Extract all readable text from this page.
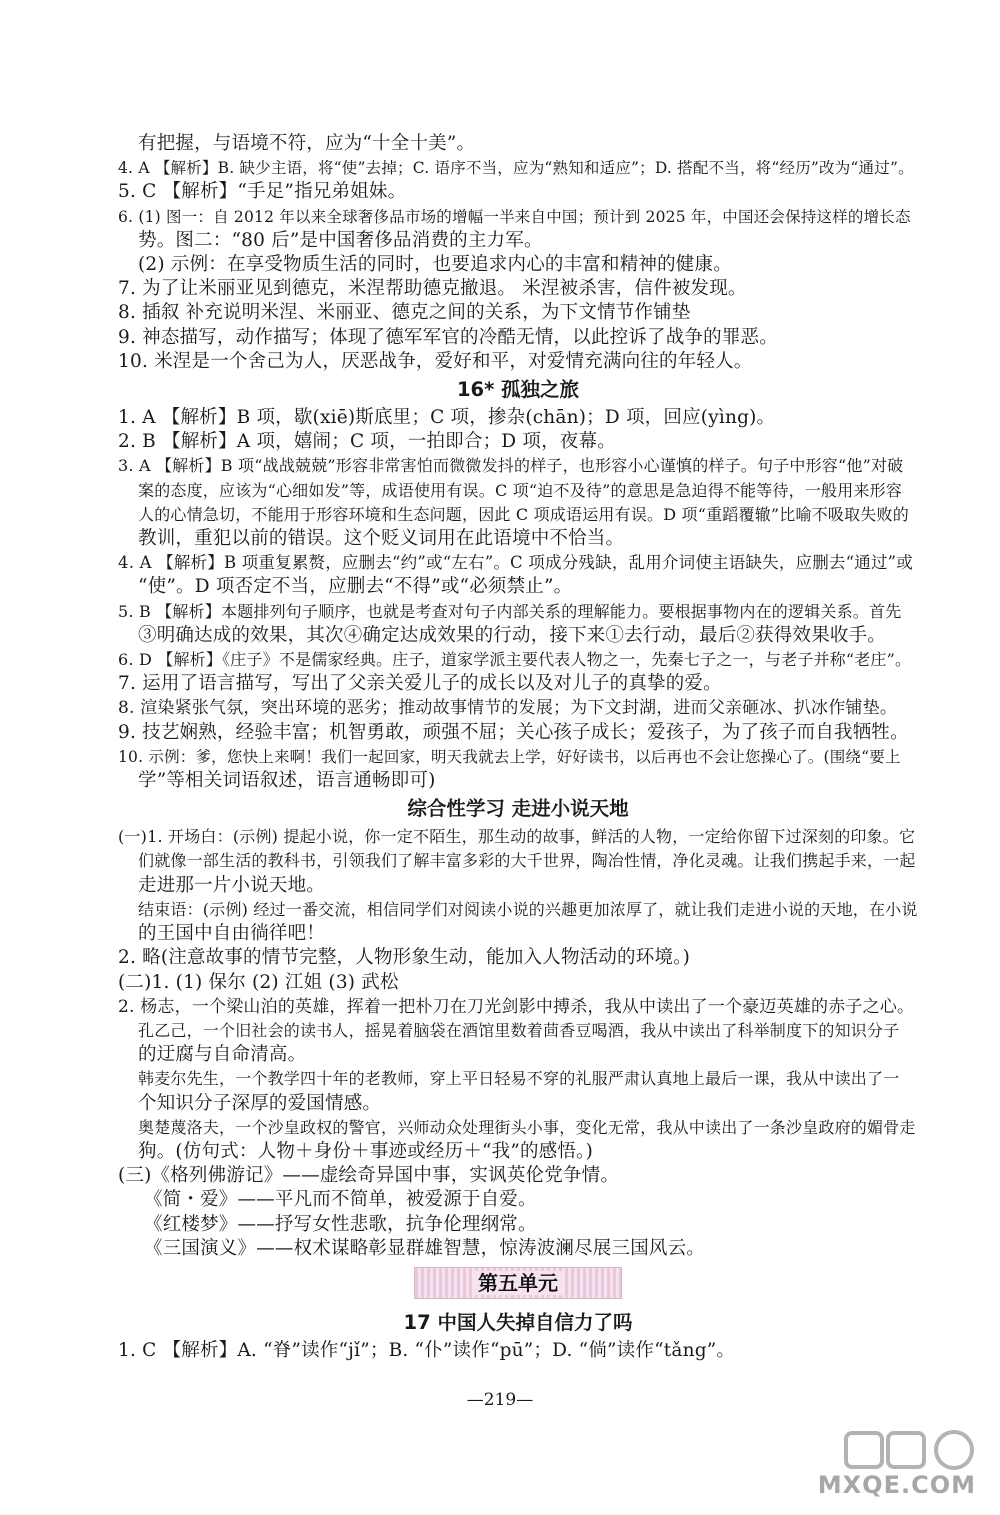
有把握，与语境不符，应为“十全十美”。
4. A 【解析】B. 缺少主语，将“使”去掉；C. 语序不当，应为“熟知和适应”；D. 搭配不当，将“经历”改为“通过”。
5. C 【解析】“手足”指兄弟姐妹。
6. (1) 图一：自 2012 年以来全球奢侈品市场的增幅一半来自中国；预计到 2025 年，中国还会保持这样的增长态
势。图二：“80 后”是中国奢侈品消费的主力军。
(2) 示例：在享受物质生活的同时，也要追求内心的丰富和精神的健康。
7. 为了让米丽亚见到德克，米涅帮助德克撤退。 米涅被杀害，信件被发现。
8. 插叙 补充说明米涅、米丽亚、德克之间的关系，为下文情节作铺垫
9. 神态描写，动作描写；体现了德军军官的冷酷无情，以此控诉了战争的罪恶。
10. 米涅是一个舍己为人，厌恶战争，爱好和平，对爱情充满向往的年轻人。
16* 孤独之旅
1. A 【解析】B 项，歇(xiē)斯底里；C 项，掺杂(chān)；D 项，回应(yìng)。
2. B 【解析】A 项，嬉闹；C 项，一拍即合；D 项，夜幕。
3. A 【解析】B 项“战战兢兢”形容非常害怕而微微发抖的样子，也形容小心谨慎的样子。句子中形容“他”对破
案的态度，应该为“心细如发”等，成语使用有误。C 项“迫不及待”的意思是急迫得不能等待，一般用来形容
人的心情急切，不能用于形容环境和生态问题，因此 C 项成语运用有误。D 项“重蹈覆辙”比喻不吸取失败的
教训，重犯以前的错误。这个贬义词用在此语境中不恰当。
4. A 【解析】B 项重复累赘，应删去“约”或“左右”。C 项成分残缺，乱用介词使主语缺失，应删去“通过”或
“使”。D 项否定不当，应删去“不得”或“必须禁止”。
5. B 【解析】本题排列句子顺序，也就是考查对句子内部关系的理解能力。要根据事物内在的逻辑关系。首先
③明确达成的效果，其次④确定达成效果的行动，接下来①去行动，最后②获得效果收手。
6. D 【解析】《庄子》不是儒家经典。庄子，道家学派主要代表人物之一，先秦七子之一，与老子并称“老庄”。
7. 运用了语言描写，写出了父亲关爱儿子的成长以及对儿子的真挚的爱。
8. 渲染紧张气氛，突出环境的恶劣；推动故事情节的发展；为下文封湖，进而父亲砸冰、扒冰作铺垫。
9. 技艺娴熟，经验丰富；机智勇敢，顽强不屈；关心孩子成长；爱孩子，为了孩子而自我牺牲。
10. 示例：爹，您快上来啊！我们一起回家，明天我就去上学，好好读书，以后再也不会让您操心了。(围绕“要上
学”等相关词语叙述，语言通畅即可)
综合性学习 走进小说天地
(一)1. 开场白：(示例) 提起小说，你一定不陌生，那生动的故事，鲜活的人物，一定给你留下过深刻的印象。它
们就像一部生活的教科书，引领我们了解丰富多彩的大千世界，陶冶性情，净化灵魂。让我们携起手来，一起
走进那一片小说天地。
结束语：(示例) 经过一番交流，相信同学们对阅读小说的兴趣更加浓厚了，就让我们走进小说的天地，在小说
的王国中自由徜徉吧！
2. 略(注意故事的情节完整，人物形象生动，能加入人物活动的环境。)
(二)1. (1) 保尔 (2) 江姐 (3) 武松
2. 杨志，一个梁山泊的英雄，挥着一把朴刀在刀光剑影中搏杀，我从中读出了一个豪迈英雄的赤子之心。
孔乙己，一个旧社会的读书人，摇晃着脑袋在酒馆里数着茴香豆喝酒，我从中读出了科举制度下的知识分子
的迂腐与自命清高。
韩麦尔先生，一个教学四十年的老教师，穿上平日轻易不穿的礼服严肃认真地上最后一课，我从中读出了一
个知识分子深厚的爱国情感。
奥楚蔑洛夫，一个沙皇政权的警官，兴师动众处理街头小事，变化无常，我从中读出了一条沙皇政府的媚骨走
狗。(仿句式：人物＋身份＋事迹或经历＋“我”的感悟。)
(三)《格列佛游记》——虚绘奇异国中事，实讽英伦党争情。
《简・爱》——平凡而不简单，被爱源于自爱。
《红楼梦》——抒写女性悲歌，抗争伦理纲常。
《三国演义》——权术谋略彰显群雄智慧，惊涛波澜尽展三国风云。
第五单元
17 中国人失掉自信力了吗
1. C 【解析】A. “脊”读作“jǐ”；B. “仆”读作“pū”；D. “倘”读作“tǎng”。
—219—
MXQE.COM
